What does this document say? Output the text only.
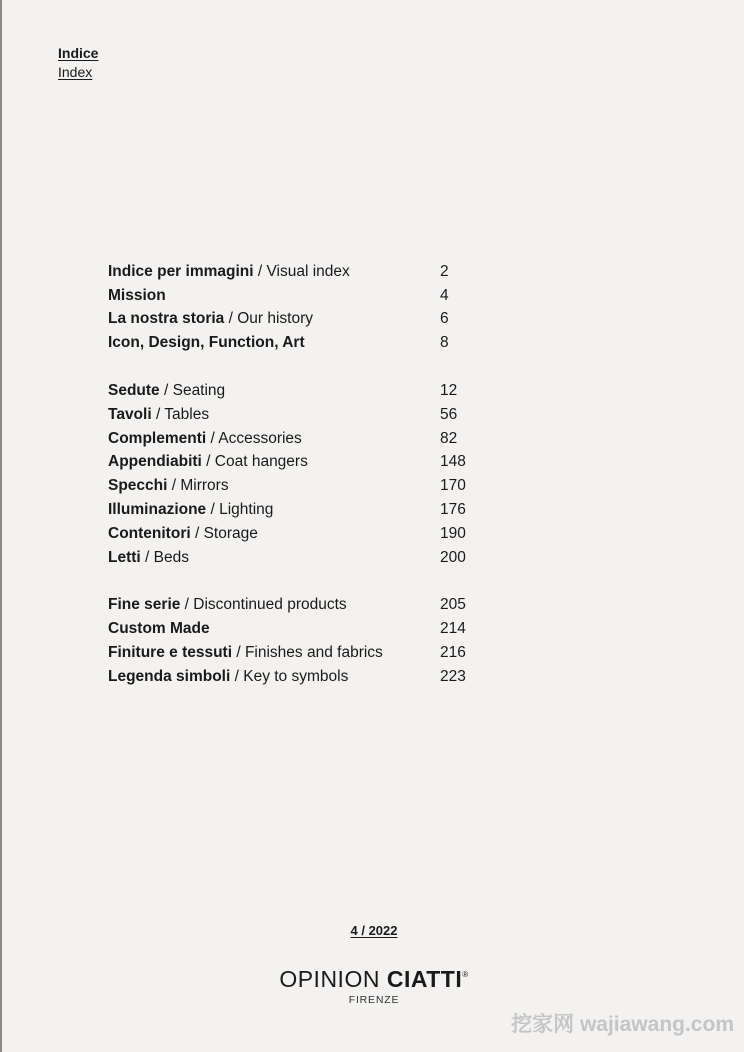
Indice
Index
Indice per immagini / Visual index	2
Mission	4
La nostra storia / Our history	6
Icon, Design, Function, Art	8
Sedute / Seating	12
Tavoli / Tables	56
Complementi / Accessories	82
Appendiabiti / Coat hangers	148
Specchi / Mirrors	170
Illuminazione / Lighting	176
Contenitori / Storage	190
Letti / Beds	200
Fine serie / Discontinued products	205
Custom Made	214
Finiture e tessuti / Finishes and fabrics	216
Legenda simboli / Key to symbols	223
4 / 2022
OPINION CIATTI®
FIRENZE
挖家网 wajiawang.com
